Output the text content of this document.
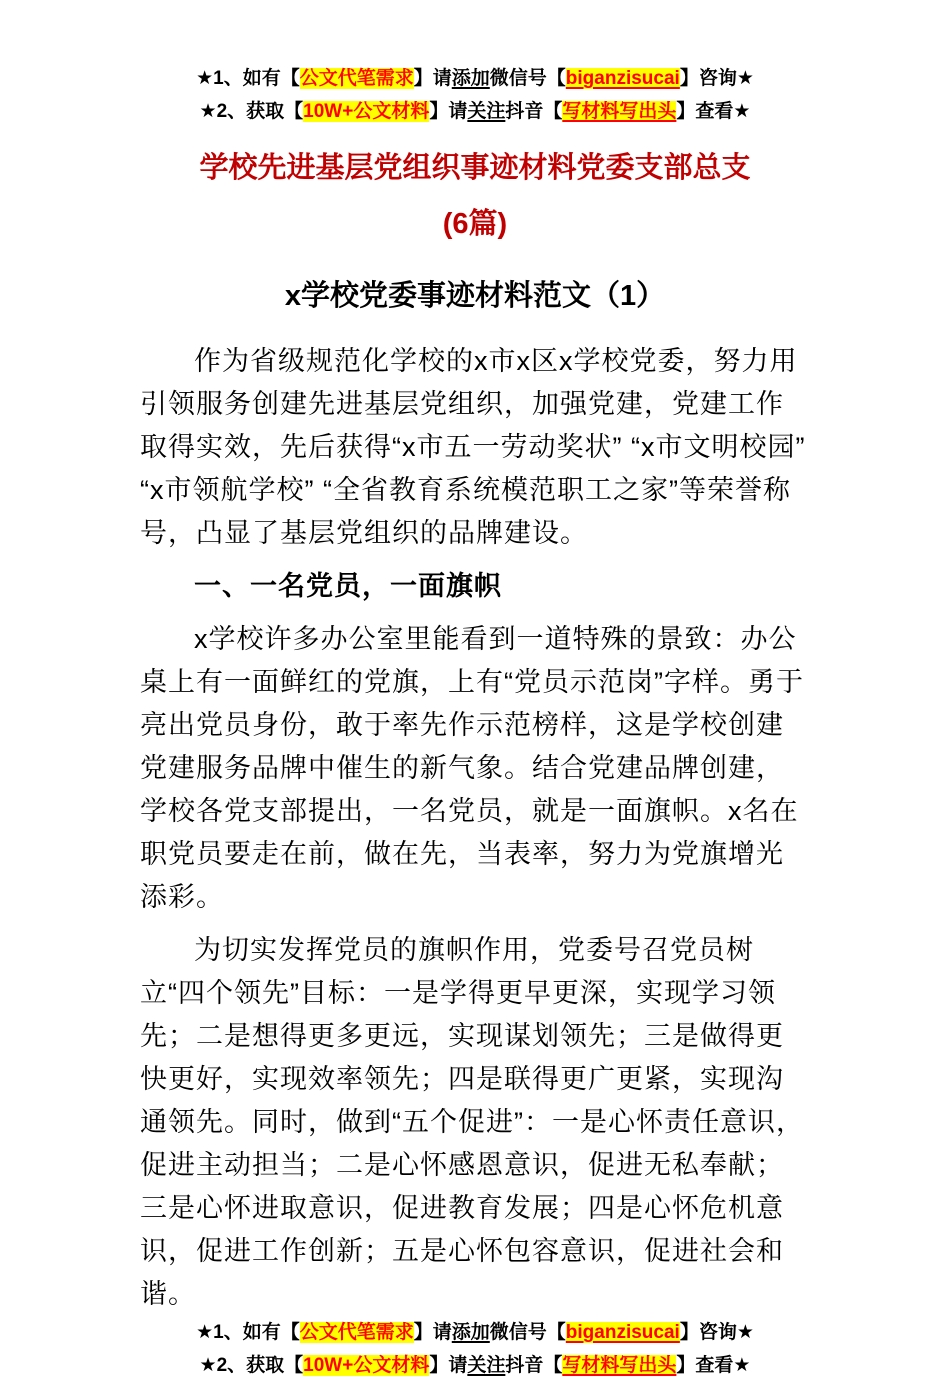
★1、如有【公文代笔需求】请添加微信号【biganzisucai】咨询★
★2、获取【10W+公文材料】请关注抖音【写材料写出头】查看★
学校先进基层党组织事迹材料党委支部总支
(6篇)
x学校党委事迹材料范文（1）

作为省级规范化学校的x市x区x学校党委，努力用引领服务创建先进基层党组织，加强党建，党建工作取得实效，先后获得“x市五一劳动奖状” “x市文明校园” “x市领航学校” “全省教育系统模范职工之家”等荣誉称号，凸显了基层党组织的品牌建设。

一、一名党员，一面旗帜

x学校许多办公室里能看到一道特殊的景致：办公桌上有一面鲜红的党旗，上有“党员示范岗”字样。勇于亮出党员身份，敢于率先作示范榜样，这是学校创建党建服务品牌中催生的新气象。结合党建品牌创建，学校各党支部提出，一名党员，就是一面旗帜。x名在职党员要走在前，做在先，当表率，努力为党旗增光添彩。

为切实发挥党员的旗帜作用，党委号召党员树立“四个领先”目标：一是学得更早更深，实现学习领先；二是想得更多更远，实现谋划领先；三是做得更快更好，实现效率领先；四是联得更广更紧，实现沟通领先。同时，做到“五个促进”：一是心怀责任意识，促进主动担当；二是心怀感恩意识，促进无私奉献；三是心怀进取意识，促进教育发展；四是心怀危机意识，促进工作创新；五是心怀包容意识，促进社会和谐。

★1、如有【公文代笔需求】请添加微信号【biganzisucai】咨询★
★2、获取【10W+公文材料】请关注抖音【写材料写出头】查看★
